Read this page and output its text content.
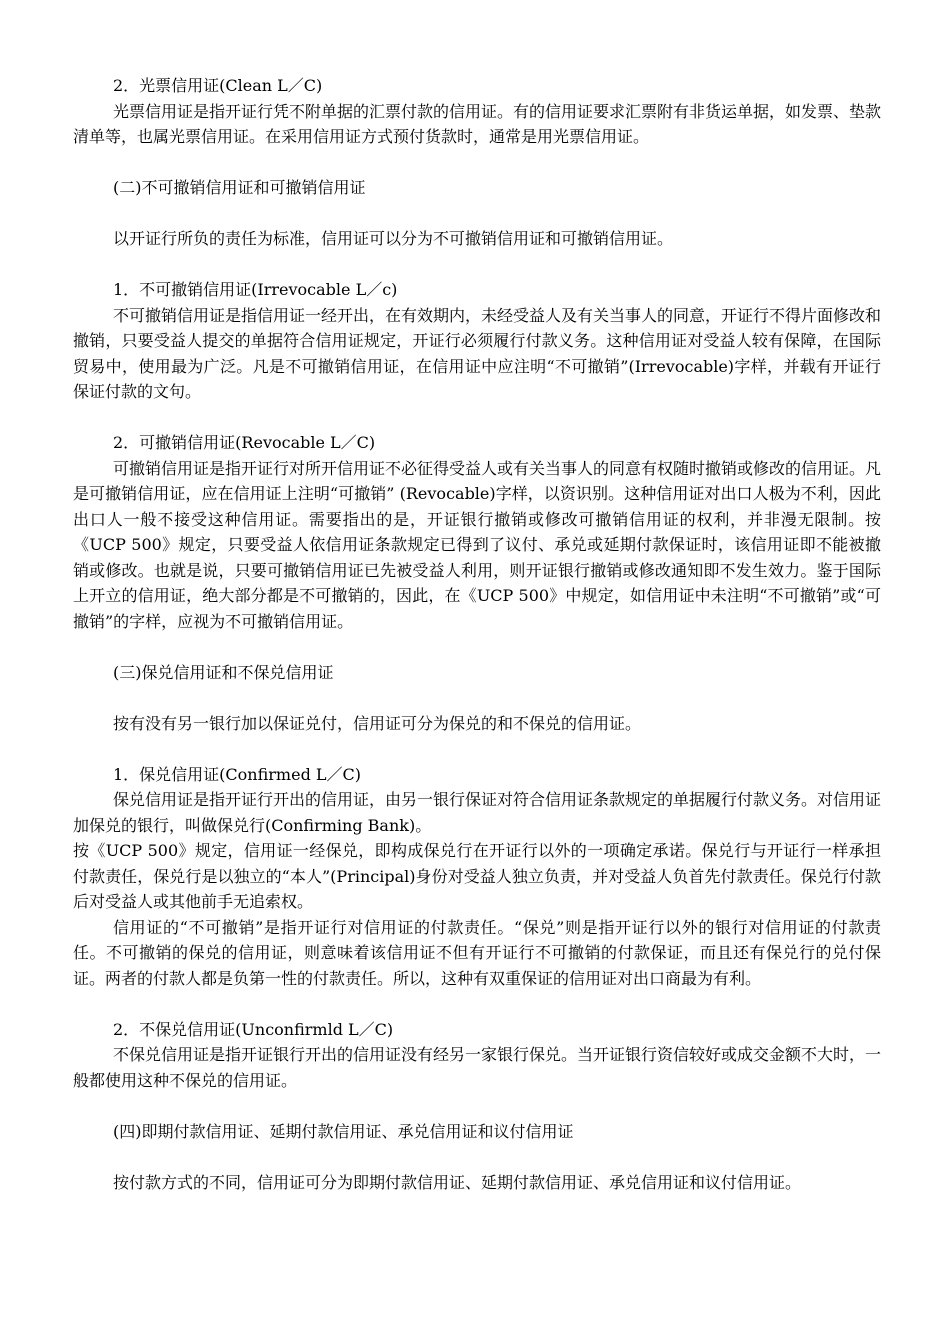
2．光票信用证(Clean L／C)

光票信用证是指开证行凭不附单据的汇票付款的信用证。有的信用证要求汇票附有非货运单据，如发票、垫款清单等，也属光票信用证。在采用信用证方式预付货款时，通常是用光票信用证。

(二)不可撤销信用证和可撤销信用证

以开证行所负的责任为标准，信用证可以分为不可撤销信用证和可撤销信用证。

1．不可撤销信用证(Irrevocable L／c)

不可撤销信用证是指信用证一经开出，在有效期内，未经受益人及有关当事人的同意，开证行不得片面修改和撤销，只要受益人提交的单据符合信用证规定，开证行必须履行付款义务。这种信用证对受益人较有保障，在国际贸易中，使用最为广泛。凡是不可撤销信用证，在信用证中应注明“不可撤销”(Irrevocable)字样，并载有开证行保证付款的文句。

2．可撤销信用证(Revocable L／C)

可撤销信用证是指开证行对所开信用证不必征得受益人或有关当事人的同意有权随时撤销或修改的信用证。凡是可撤销信用证，应在信用证上注明“可撤销” (Revocable)字样，以资识别。这种信用证对出口人极为不利，因此出口人一般不接受这种信用证。需要指出的是，开证银行撤销或修改可撤销信用证的权利，并非漫无限制。按《UCP 500》规定，只要受益人依信用证条款规定已得到了议付、承兑或延期付款保证时，该信用证即不能被撤销或修改。也就是说，只要可撤销信用证已先被受益人利用，则开证银行撤销或修改通知即不发生效力。鉴于国际上开立的信用证，绝大部分都是不可撤销的，因此，在《UCP 500》中规定，如信用证中未注明“不可撤销”或“可撤销”的字样，应视为不可撤销信用证。

(三)保兑信用证和不保兑信用证

按有没有另一银行加以保证兑付，信用证可分为保兑的和不保兑的信用证。

1．保兑信用证(Confirmed L／C)

保兑信用证是指开证行开出的信用证，由另一银行保证对符合信用证条款规定的单据履行付款义务。对信用证加保兑的银行，叫做保兑行(Confirming Bank)。

按《UCP 500》规定，信用证一经保兑，即构成保兑行在开证行以外的一项确定承诺。保兑行与开证行一样承担付款责任，保兑行是以独立的“本人”(Principal)身份对受益人独立负责，并对受益人负首先付款责任。保兑行付款后对受益人或其他前手无追索权。

信用证的“不可撤销”是指开证行对信用证的付款责任。“保兑”则是指开证行以外的银行对信用证的付款责任。不可撤销的保兑的信用证，则意味着该信用证不但有开证行不可撤销的付款保证，而且还有保兑行的兑付保证。两者的付款人都是负第一性的付款责任。所以，这种有双重保证的信用证对出口商最为有利。

2．不保兑信用证(Unconfirmld L／C)

不保兑信用证是指开证银行开出的信用证没有经另一家银行保兑。当开证银行资信较好或成交金额不大时，一般都使用这种不保兑的信用证。

(四)即期付款信用证、延期付款信用证、承兑信用证和议付信用证

按付款方式的不同，信用证可分为即期付款信用证、延期付款信用证、承兑信用证和议付信用证。
